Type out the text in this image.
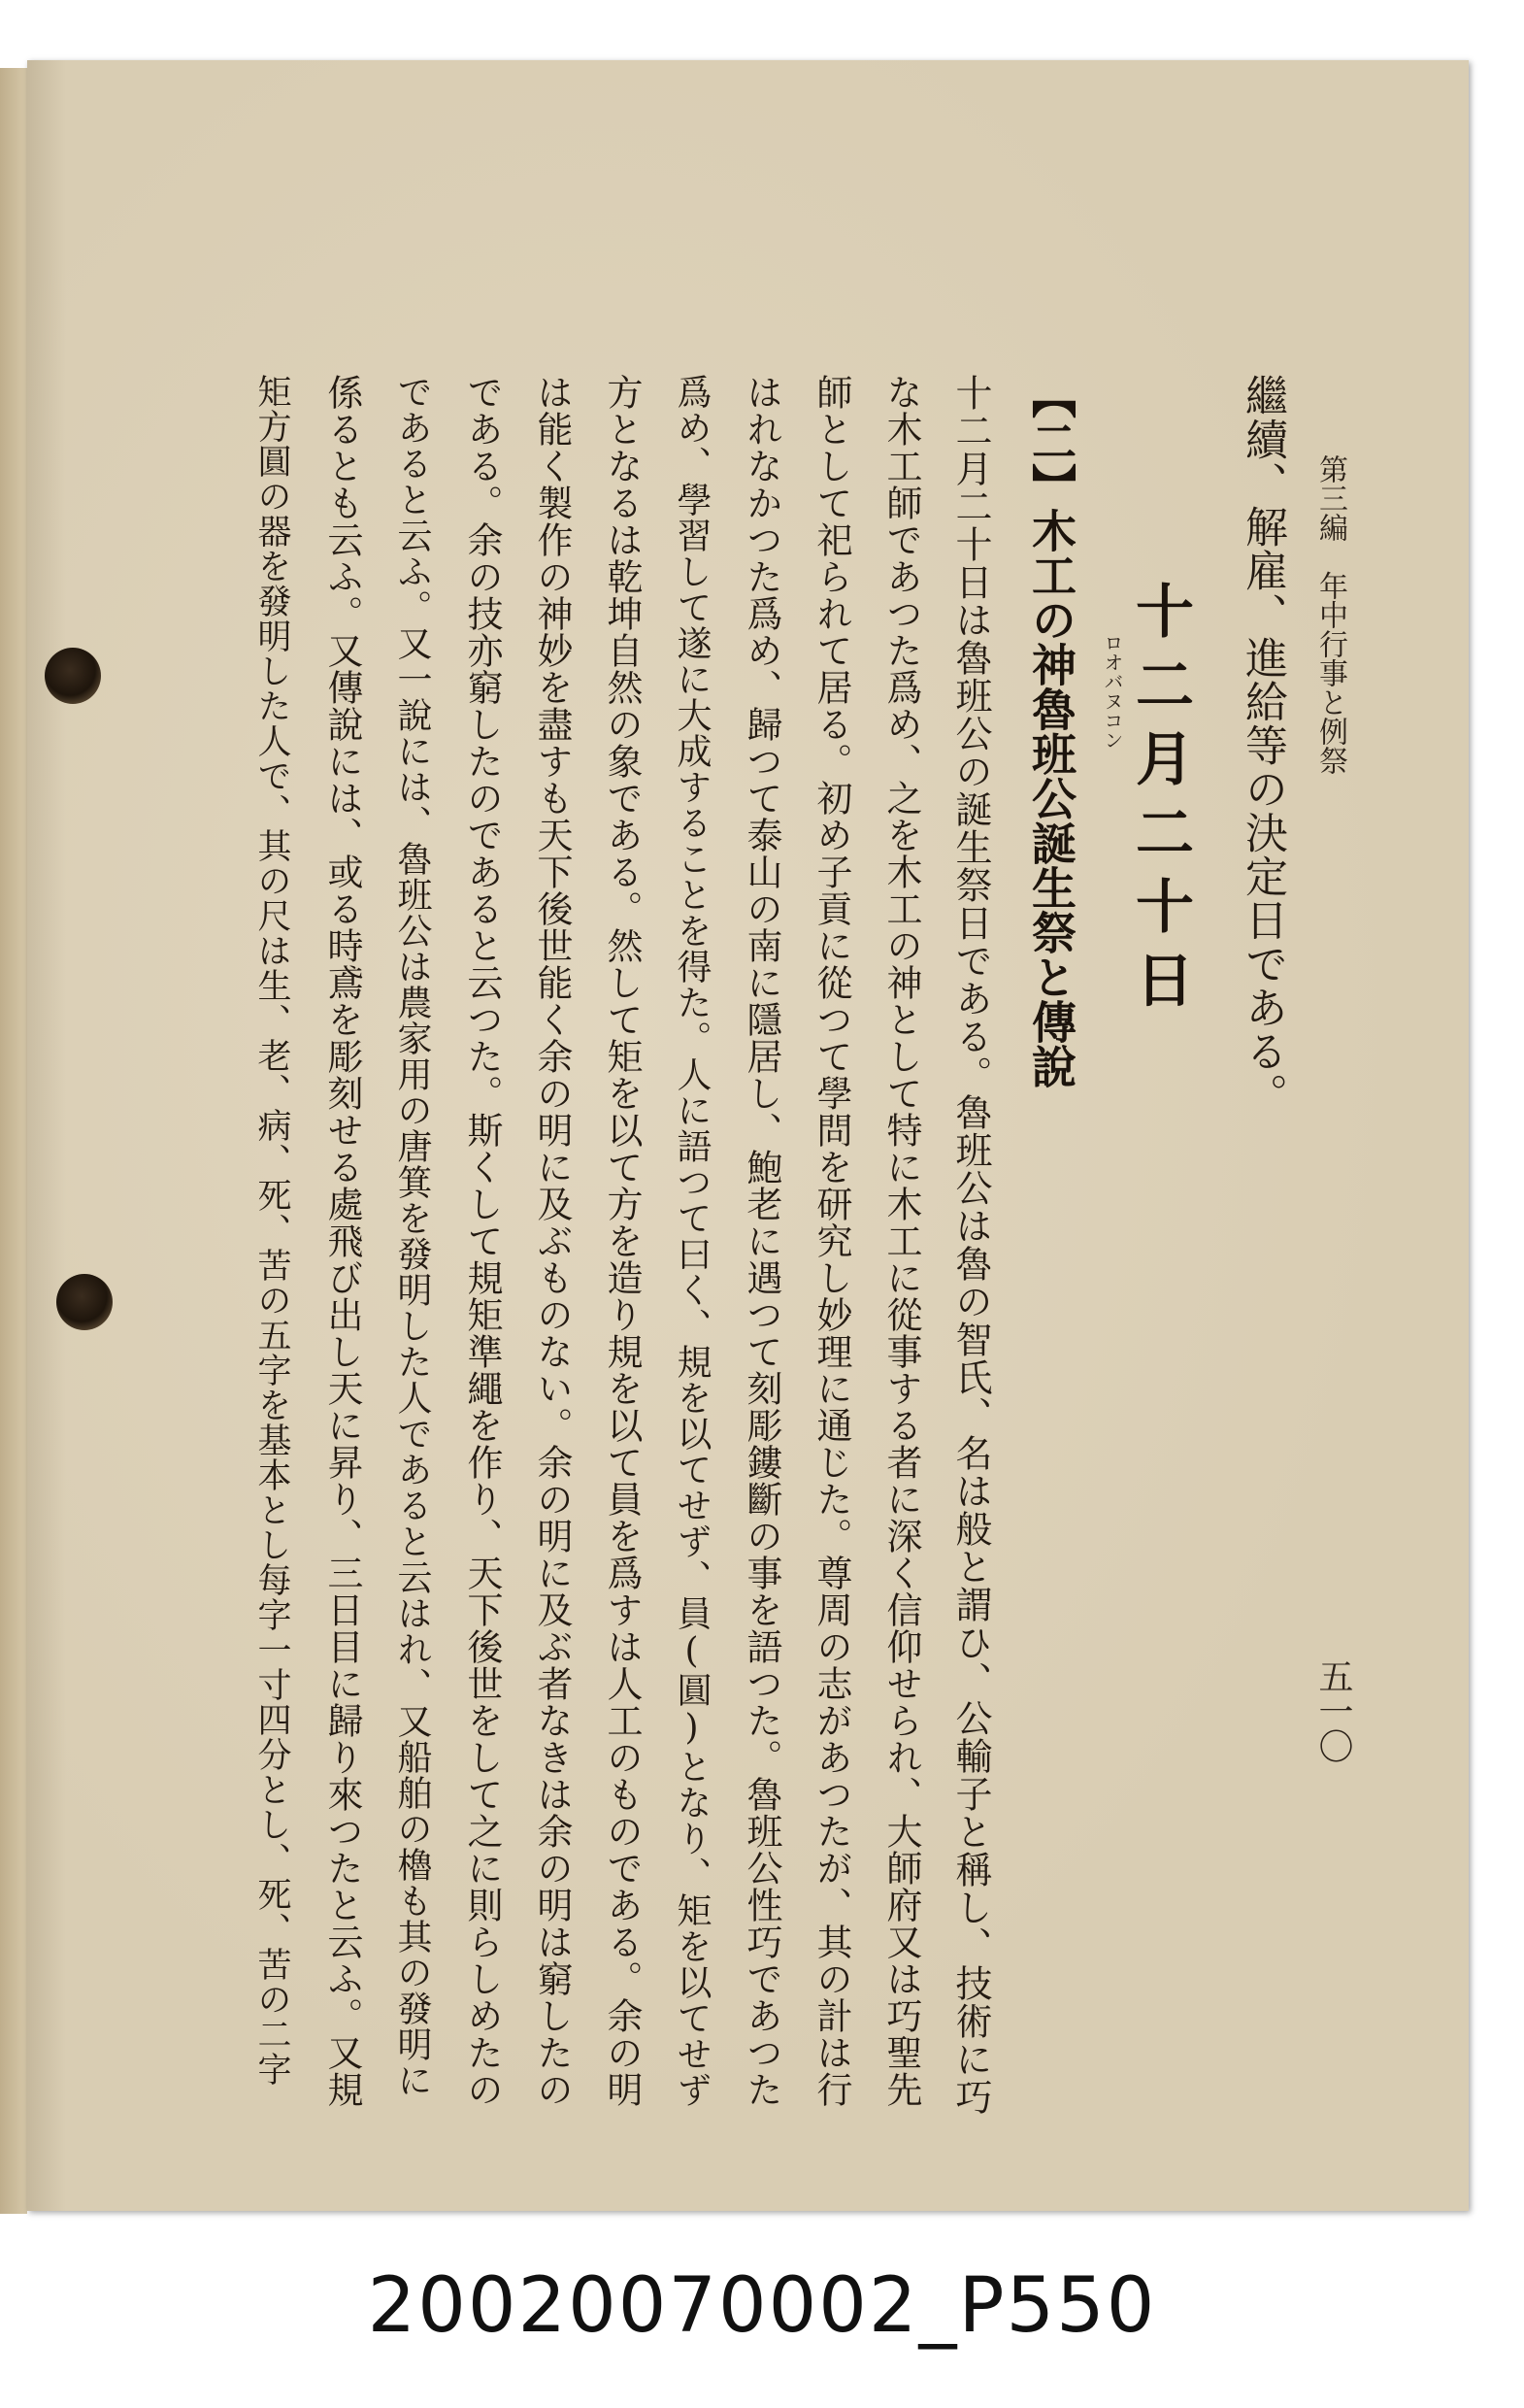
第三編　年中行事と例祭
五一〇
繼續、解雇、進給等の決定日である。
十二月二十日
ロオバヌコン
【二】木工の神魯班公誕生祭と傳說
十二月二十日は魯班公の誕生祭日である。魯班公は魯の智氏、名は般と謂ひ、公輸子と稱し、技術に巧
な木工師であつた爲め、之を木工の神として特に木工に從事する者に深く信仰せられ、大師府又は巧聖先
師として祀られて居る。初め子貢に從つて學問を研究し妙理に通じた。尊周の志があつたが、其の計は行
はれなかつた爲め、歸つて泰山の南に隱居し、鮑老に遇つて刻彫鏤斷の事を語つた。魯班公性巧であつた
爲め、學習して遂に大成することを得た。人に語つて曰く、規を以てせず、員(圓)となり、矩を以てせず
方となるは乾坤自然の象である。然して矩を以て方を造り規を以て員を爲すは人工のものである。余の明
は能く製作の神妙を盡すも天下後世能く余の明に及ぶものない。余の明に及ぶ者なきは余の明は窮したの
である。余の技亦窮したのであると云つた。斯くして規矩準繩を作り、天下後世をして之に則らしめたの
であると云ふ。又一說には、魯班公は農家用の唐箕を發明した人であると云はれ、又船舶の櫓も其の發明に
係るとも云ふ。又傳說には、或る時鳶を彫刻せる處飛び出し天に昇り、三日目に歸り來つたと云ふ。又規
矩方圓の器を發明した人で、其の尺は生、老、病、死、苦の五字を基本とし每字一寸四分とし、死、苦の二字
20020070002_P550
